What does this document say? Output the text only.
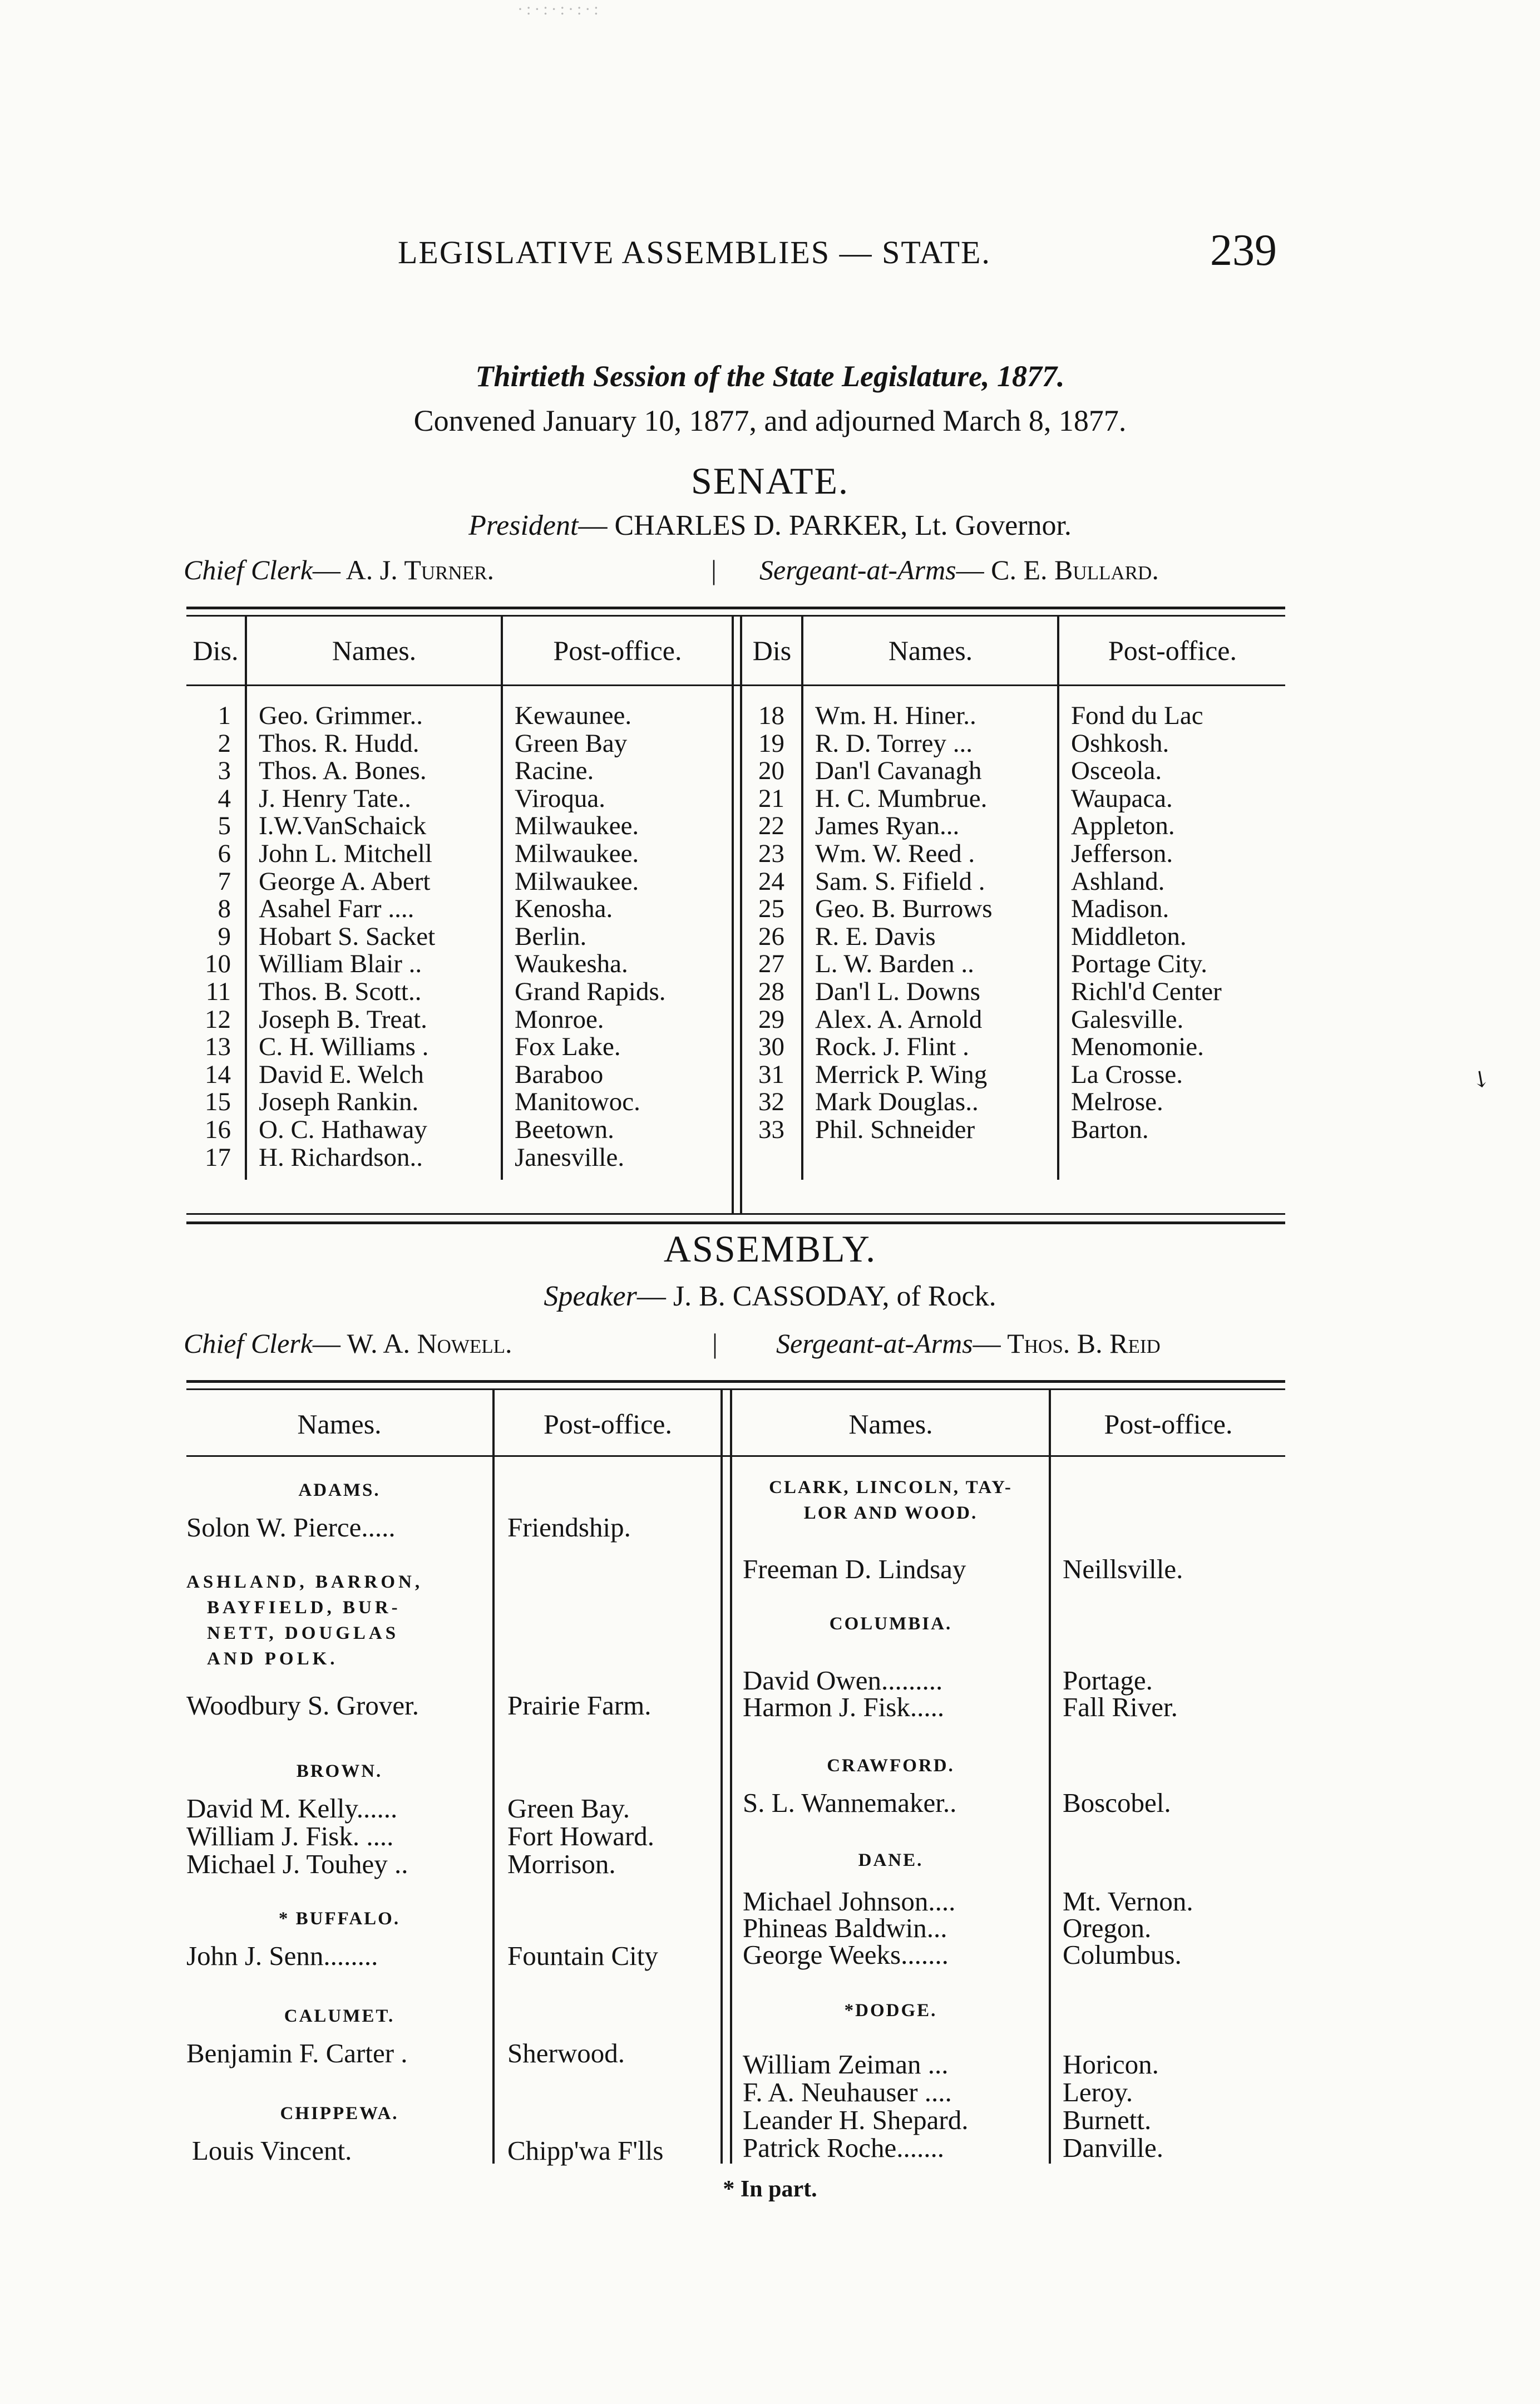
·:·:·:·:·:
↘
LEGISLATIVE ASSEMBLIES — STATE.	239
Thirtieth Session of the State Legislature, 1877.
Convened January 10, 1877, and adjourned March 8, 1877.
SENATE.
President— CHARLES D. PARKER, Lt. Governor.
Chief Clerk— A. J. Turner.	| Sergeant-at-Arms— C. E. Bullard.
Dis.	Names.	Post-office.	Dis	Names.	Post-office.
1 Geo. Grimmer..	Kewaunee.
2 Thos. R. Hudd.	Green Bay
3 Thos. A. Bones.	Racine.
4 J. Henry Tate..	Viroqua.
5 I.W.VanSchaick	Milwaukee.
6 John L. Mitchell	Milwaukee.
7 George A. Abert	Milwaukee.
8 Asahel Farr ....	Kenosha.
9 Hobart S. Sacket	Berlin.
10 William Blair ..	Waukesha.
11 Thos. B. Scott..	Grand Rapids.
12 Joseph B. Treat.	Monroe.
13 C. H. Williams .	Fox Lake.
14 David E. Welch	Baraboo
15 Joseph Rankin.	Manitowoc.
16 O. C. Hathaway	Beetown.
17 H. Richardson..	Janesville.
18 Wm. H. Hiner..	Fond du Lac
19 R. D. Torrey ...	Oshkosh.
20 Dan'l Cavanagh	Osceola.
21 H. C. Mumbrue.	Waupaca.
22 James Ryan...	Appleton.
23 Wm. W. Reed .	Jefferson.
24 Sam. S. Fifield .	Ashland.
25 Geo. B. Burrows	Madison.
26 R. E. Davis	Middleton.
27 L. W. Barden ..	Portage City.
28 Dan'l L. Downs	Richl'd Center
29 Alex. A. Arnold	Galesville.
30 Rock. J. Flint .	Menomonie.
31 Merrick P. Wing	La Crosse.
32 Mark Douglas..	Melrose.
33 Phil. Schneider	Barton.
ASSEMBLY.
Speaker— J. B. CASSODAY, of Rock.
Chief Clerk— W. A. Nowell.	| Sergeant-at-Arms— Thos. B. Reid
Names.	Post-office.	Names.	Post-office.
ADAMS.
Solon W. Pierce.....	Friendship.
ASHLAND, BARRON,
BAYFIELD, BUR-
NETT, DOUGLAS
AND POLK.
Woodbury S. Grover.	Prairie Farm.
BROWN.
David M. Kelly......	Green Bay.
William J. Fisk. ....	Fort Howard.
Michael J. Touhey ..	Morrison.
* BUFFALO.
John J. Senn........	Fountain City
CALUMET.
Benjamin F. Carter .	Sherwood.
CHIPPEWA.
Louis Vincent.	Chipp'wa F'lls
CLARK, LINCOLN, TAY-
LOR AND WOOD.
Freeman D. Lindsay	Neillsville.
COLUMBIA.
David Owen.........	Portage.
Harmon J. Fisk.....	Fall River.
CRAWFORD.
S. L. Wannemaker..	Boscobel.
DANE.
Michael Johnson....	Mt. Vernon.
Phineas Baldwin...	Oregon.
George Weeks.......	Columbus.
*DODGE.
William Zeiman ...	Horicon.
F. A. Neuhauser ....	Leroy.
Leander H. Shepard.	Burnett.
Patrick Roche.......	Danville.
* In part.
